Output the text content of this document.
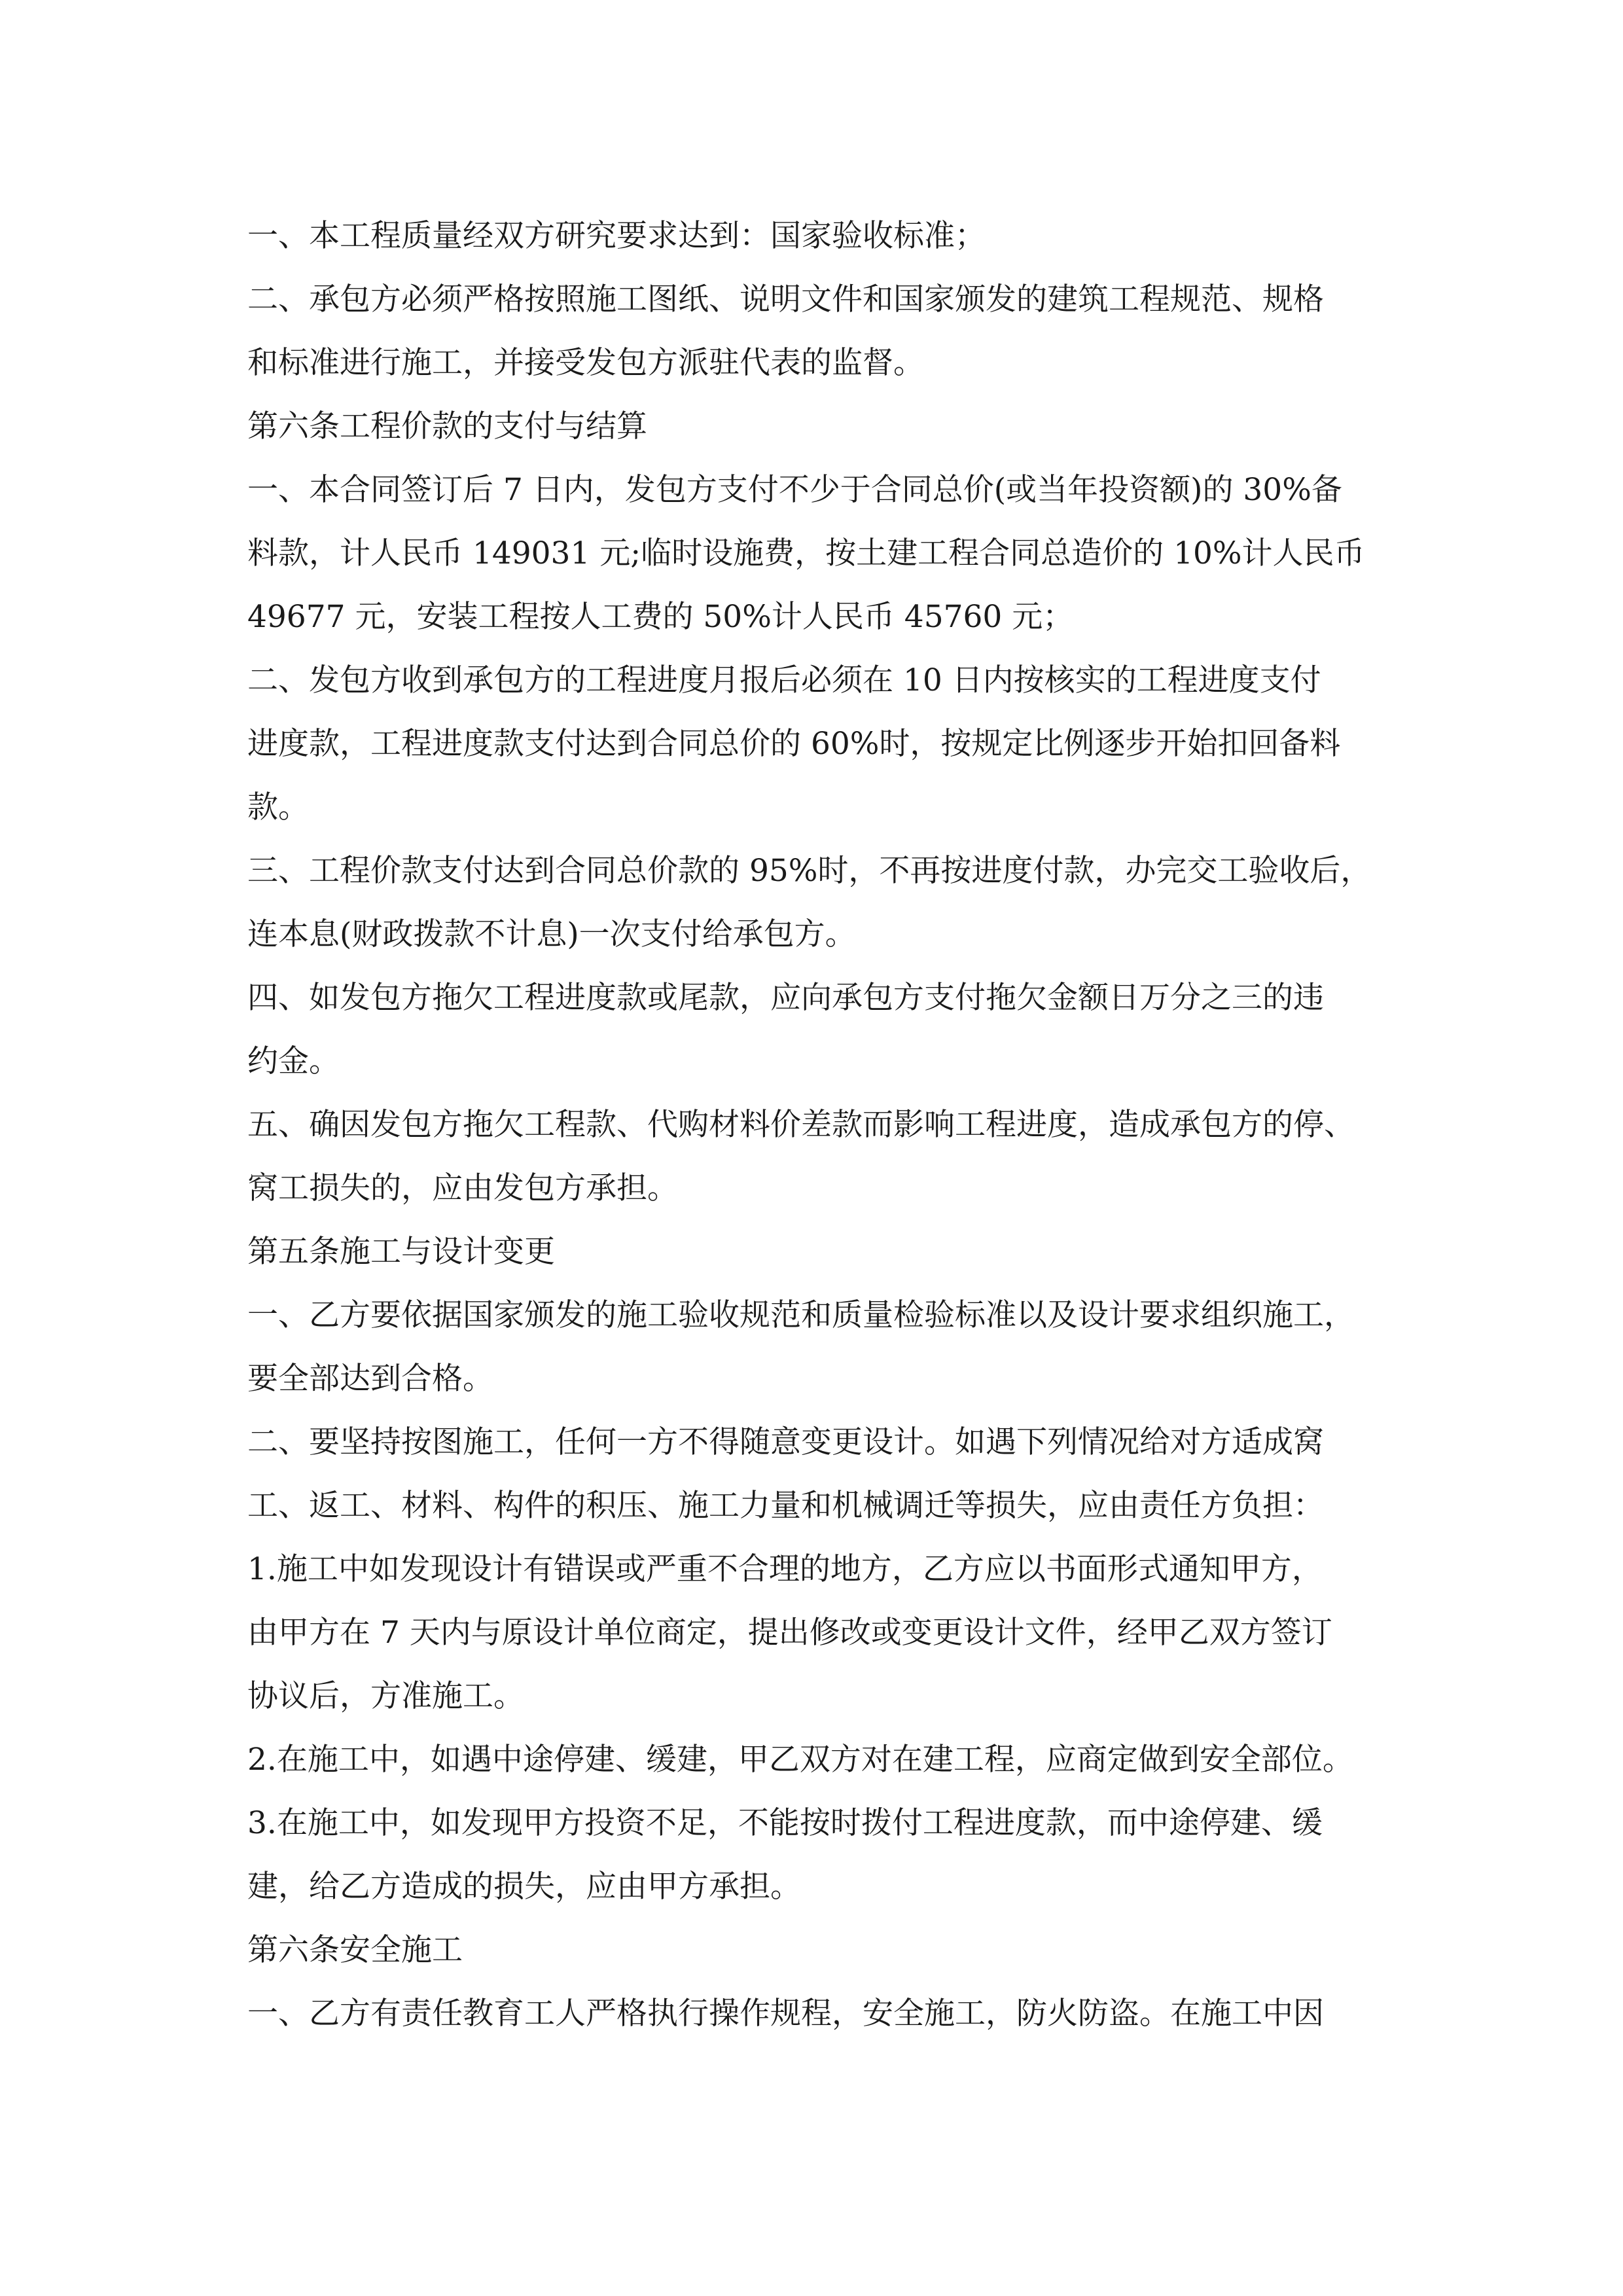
一、本工程质量经双方研究要求达到：国家验收标准；
二、承包方必须严格按照施工图纸、说明文件和国家颁发的建筑工程规范、规格
和标准进行施工，并接受发包方派驻代表的监督。
第六条工程价款的支付与结算
一、本合同签订后 7 日内，发包方支付不少于合同总价(或当年投资额)的 30%备
料款，计人民币 149031 元;临时设施费，按土建工程合同总造价的 10%计人民币
49677 元，安装工程按人工费的 50%计人民币 45760 元；
二、发包方收到承包方的工程进度月报后必须在 10 日内按核实的工程进度支付
进度款，工程进度款支付达到合同总价的 60%时，按规定比例逐步开始扣回备料
款。
三、工程价款支付达到合同总价款的 95%时，不再按进度付款，办完交工验收后，
连本息(财政拨款不计息)一次支付给承包方。
四、如发包方拖欠工程进度款或尾款，应向承包方支付拖欠金额日万分之三的违
约金。
五、确因发包方拖欠工程款、代购材料价差款而影响工程进度，造成承包方的停、
窝工损失的，应由发包方承担。
第五条施工与设计变更
一、乙方要依据国家颁发的施工验收规范和质量检验标准以及设计要求组织施工，
要全部达到合格。
二、要坚持按图施工，任何一方不得随意变更设计。如遇下列情况给对方适成窝
工、返工、材料、构件的积压、施工力量和机械调迁等损失，应由责任方负担：
1.施工中如发现设计有错误或严重不合理的地方，乙方应以书面形式通知甲方，
由甲方在 7 天内与原设计单位商定，提出修改或变更设计文件，经甲乙双方签订
协议后，方准施工。
2.在施工中，如遇中途停建、缓建，甲乙双方对在建工程，应商定做到安全部位。
3.在施工中，如发现甲方投资不足，不能按时拨付工程进度款，而中途停建、缓
建，给乙方造成的损失，应由甲方承担。
第六条安全施工
一、乙方有责任教育工人严格执行操作规程，安全施工，防火防盗。在施工中因
